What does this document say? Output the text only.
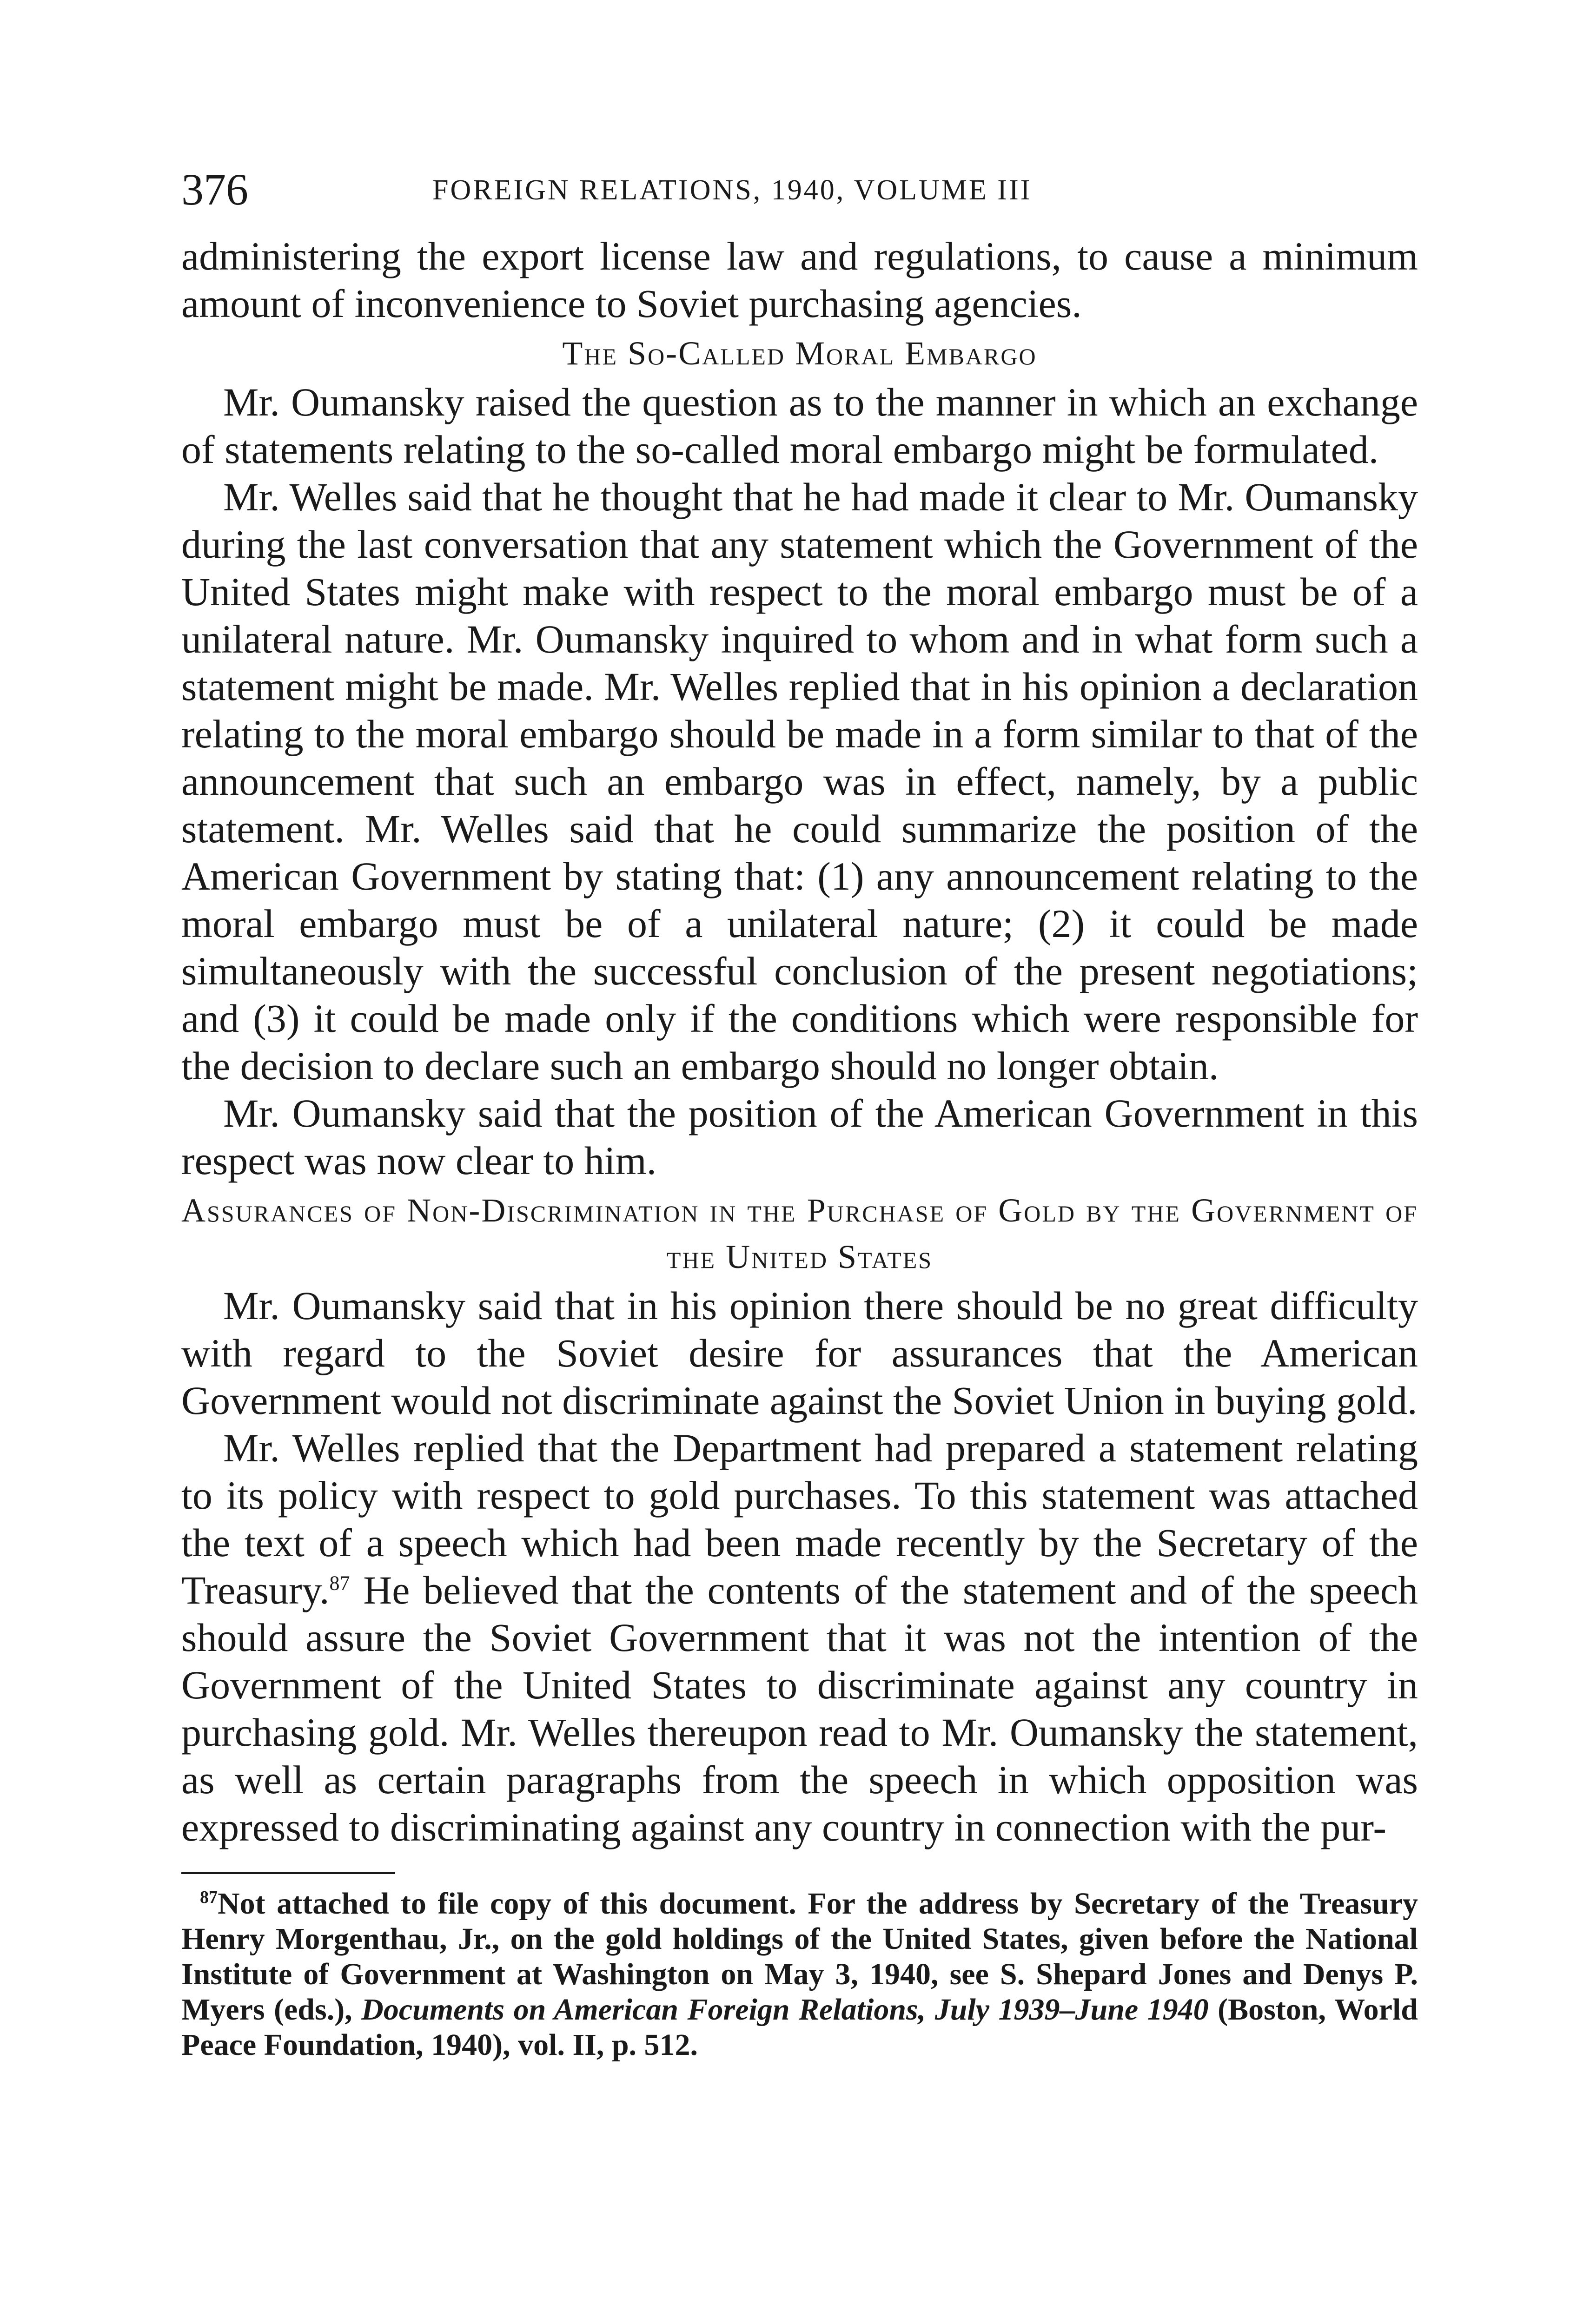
376	FOREIGN RELATIONS, 1940, VOLUME III

administering the export license law and regulations, to cause a minimum amount of inconvenience to Soviet purchasing agencies.

The So-Called Moral Embargo

Mr. Oumansky raised the question as to the manner in which an exchange of statements relating to the so-called moral embargo might be formulated.

Mr. Welles said that he thought that he had made it clear to Mr. Oumansky during the last conversation that any statement which the Government of the United States might make with respect to the moral embargo must be of a unilateral nature. Mr. Oumansky inquired to whom and in what form such a statement might be made. Mr. Welles replied that in his opinion a declaration relating to the moral embargo should be made in a form similar to that of the announcement that such an embargo was in effect, namely, by a public statement. Mr. Welles said that he could summarize the position of the American Government by stating that: (1) any announcement relating to the moral embargo must be of a unilateral nature; (2) it could be made simultaneously with the successful conclusion of the present negotiations; and (3) it could be made only if the conditions which were responsible for the decision to declare such an embargo should no longer obtain.

Mr. Oumansky said that the position of the American Government in this respect was now clear to him.

Assurances of Non-Discrimination in the Purchase of Gold by the Government of the United States

Mr. Oumansky said that in his opinion there should be no great difficulty with regard to the Soviet desire for assurances that the American Government would not discriminate against the Soviet Union in buying gold.

Mr. Welles replied that the Department had prepared a statement relating to its policy with respect to gold purchases. To this statement was attached the text of a speech which had been made recently by the Secretary of the Treasury.$^{87}$ He believed that the contents of the statement and of the speech should assure the Soviet Government that it was not the intention of the Government of the United States to discriminate against any country in purchasing gold. Mr. Welles thereupon read to Mr. Oumansky the statement, as well as certain paragraphs from the speech in which opposition was expressed to discriminating against any country in connection with the pur-

$^{87}$Not attached to file copy of this document. For the address by Secretary of the Treasury Henry Morgenthau, Jr., on the gold holdings of the United States, given before the National Institute of Government at Washington on May 3, 1940, see S. Shepard Jones and Denys P. Myers (eds.), Documents on American Foreign Relations, July 1939–June 1940 (Boston, World Peace Foundation, 1940), vol. II, p. 512.
